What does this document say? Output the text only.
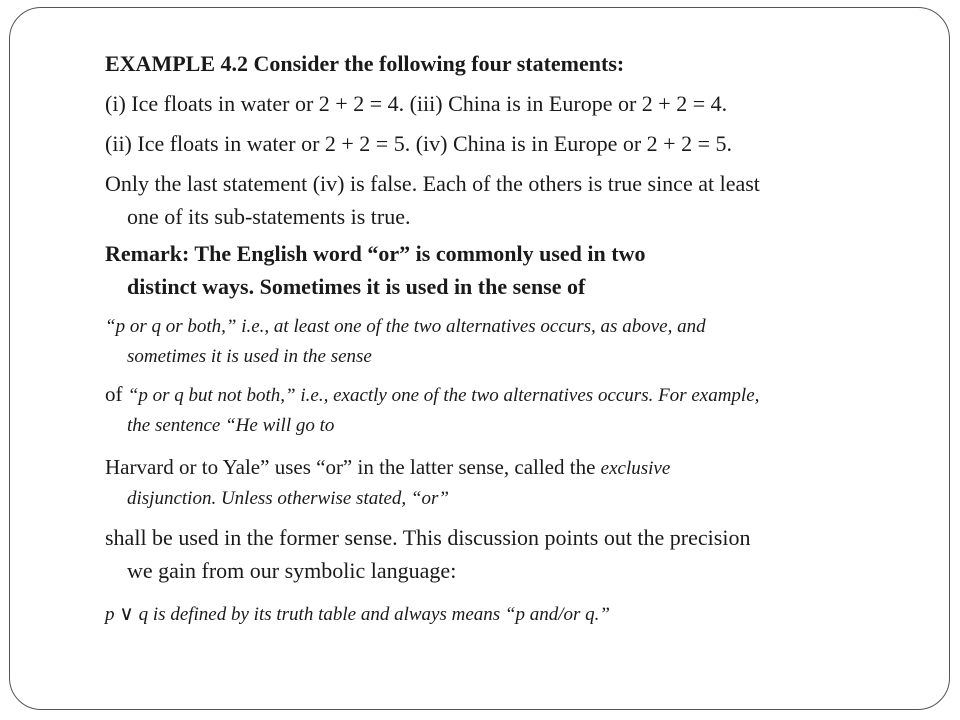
EXAMPLE 4.2 Consider the following four statements:
(i) Ice floats in water or 2 + 2 = 4. (iii) China is in Europe or 2 + 2 = 4.
(ii) Ice floats in water or 2 + 2 = 5. (iv) China is in Europe or 2 + 2 = 5.
Only the last statement (iv) is false. Each of the others is true since at least
one of its sub-statements is true.
Remark: The English word “or” is commonly used in two
distinct ways. Sometimes it is used in the sense of
“p or q or both,” i.e., at least one of the two alternatives occurs, as above, and
sometimes it is used in the sense
of “p or q but not both,” i.e., exactly one of the two alternatives occurs. For example,
the sentence “He will go to
Harvard or to Yale” uses “or” in the latter sense, called the exclusive
disjunction. Unless otherwise stated, “or”
shall be used in the former sense. This discussion points out the precision
we gain from our symbolic language:
p ∨ q is defined by its truth table and always means “p and/or q.”
